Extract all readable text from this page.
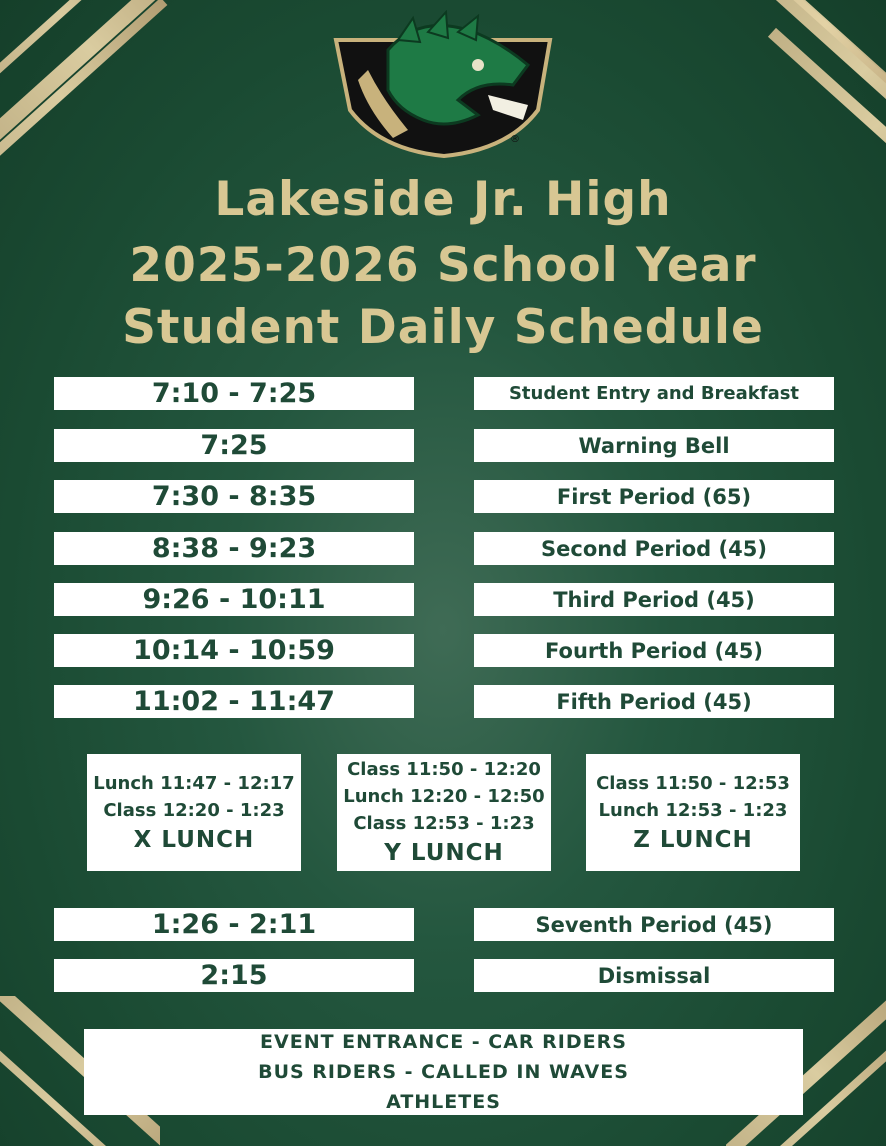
®
Lakeside Jr. High
2025-2026 School Year
Student Daily Schedule
7:10 - 7:25	Student Entry and Breakfast
7:25	Warning Bell
7:30 - 8:35	First Period (65)
8:38 - 9:23	Second Period (45)
9:26 - 10:11	Third Period (45)
10:14 - 10:59	Fourth Period (45)
11:02 - 11:47	Fifth Period (45)
Lunch 11:47 - 12:17
Class 12:20 - 1:23
X LUNCH
Class 11:50 - 12:20
Lunch 12:20 - 12:50
Class 12:53 - 1:23
Y LUNCH
Class 11:50 - 12:53
Lunch 12:53 - 1:23
Z LUNCH
1:26 - 2:11	Seventh Period (45)
2:15	Dismissal
EVENT ENTRANCE - CAR RIDERS
BUS RIDERS - CALLED IN WAVES
ATHLETES
